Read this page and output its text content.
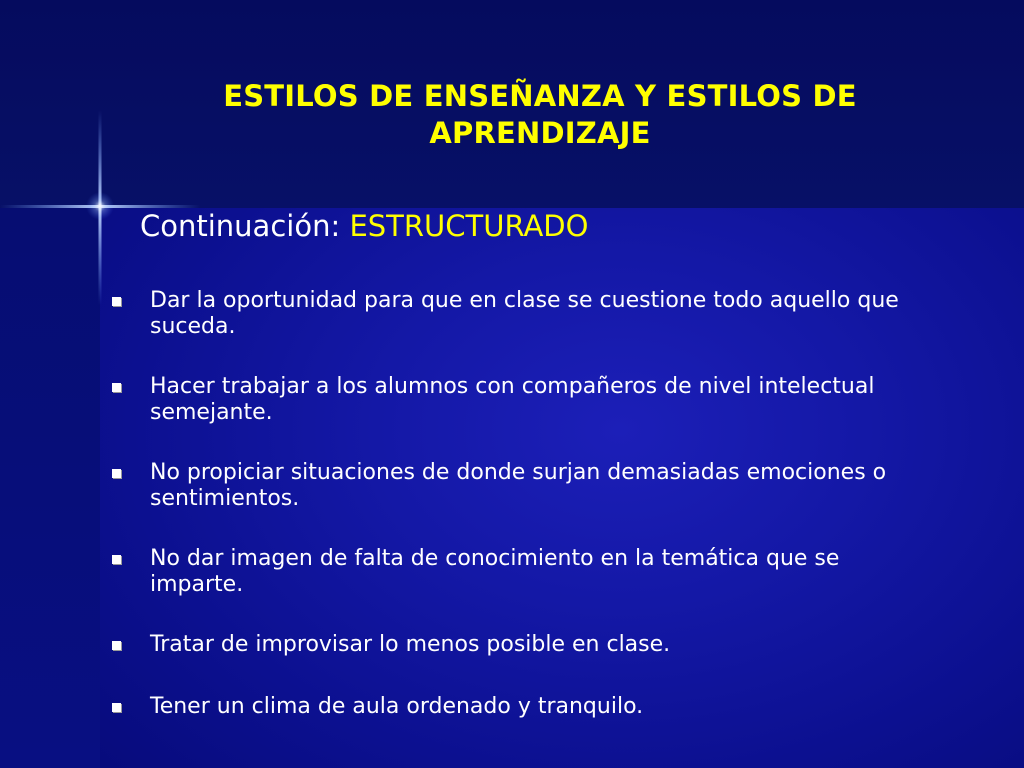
ESTILOS DE ENSEÑANZA Y ESTILOS DE APRENDIZAJE
Continuación: ESTRUCTURADO
Dar la oportunidad para que en clase se cuestione todo aquello que suceda.
Hacer trabajar a los alumnos con compañeros de nivel intelectual semejante.
No propiciar situaciones de donde surjan demasiadas emociones o sentimientos.
No dar imagen de falta de conocimiento en la temática que se imparte.
Tratar de improvisar lo menos posible en clase.
Tener un clima de aula ordenado y tranquilo.
